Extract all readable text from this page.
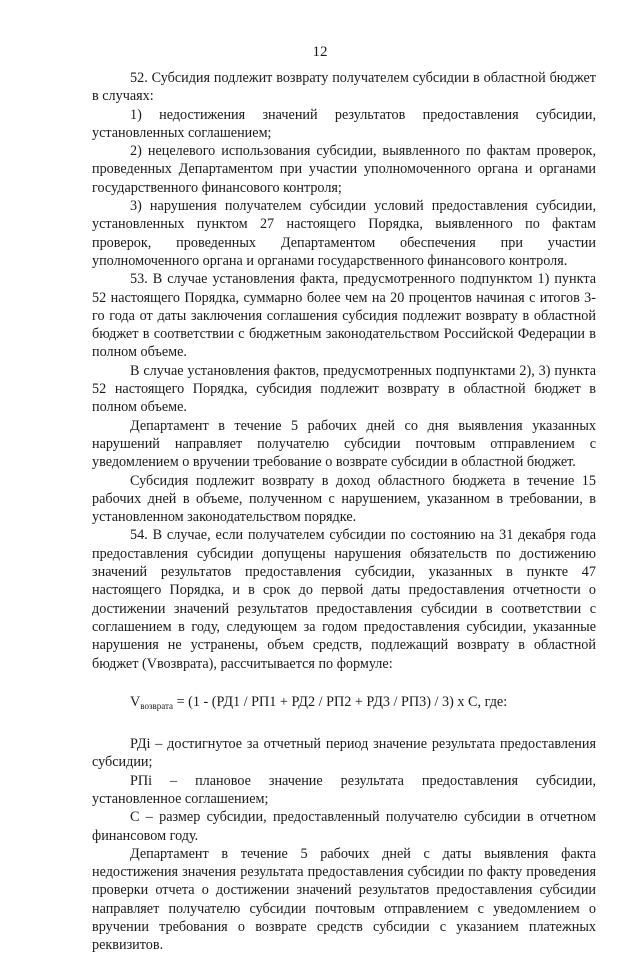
12

52. Субсидия подлежит возврату получателем субсидии в областной бюджет в случаях:

1) недостижения значений результатов предоставления субсидии, установленных соглашением;

2) нецелевого использования субсидии, выявленного по фактам проверок, проведенных Департаментом при участии уполномоченного органа и органами государственного финансового контроля;

3) нарушения получателем субсидии условий предоставления субсидии, установленных пунктом 27 настоящего Порядка, выявленного по фактам проверок, проведенных Департаментом обеспечения при участии уполномоченного органа и органами государственного финансового контроля.

53. В случае установления факта, предусмотренного подпунктом 1) пункта 52 настоящего Порядка, суммарно более чем на 20 процентов начиная с итогов 3-го года от даты заключения соглашения субсидия подлежит возврату в областной бюджет в соответствии с бюджетным законодательством Российской Федерации в полном объеме.

В случае установления фактов, предусмотренных подпунктами 2), 3) пункта 52 настоящего Порядка, субсидия подлежит возврату в областной бюджет в полном объеме.

Департамент в течение 5 рабочих дней со дня выявления указанных нарушений направляет получателю субсидии почтовым отправлением с уведомлением о вручении требование о возврате субсидии в областной бюджет.

Субсидия подлежит возврату в доход областного бюджета в течение 15 рабочих дней в объеме, полученном с нарушением, указанном в требовании, в установленном законодательством порядке.

54. В случае, если получателем субсидии по состоянию на 31 декабря года предоставления субсидии допущены нарушения обязательств по достижению значений результатов предоставления субсидии, указанных в пункте 47 настоящего Порядка, и в срок до первой даты предоставления отчетности о достижении значений результатов предоставления субсидии в соответствии с соглашением в году, следующем за годом предоставления субсидии, указанные нарушения не устранены, объем средств, подлежащий возврату в областной бюджет (Vвозврата), рассчитывается по формуле:

$V_{возврата} = (1 - (РД1 / РП1 + РД2 / РП2 + РД3 / РП3) / 3)$ x С, где:

РДi – достигнутое за отчетный период значение результата предоставления субсидии;

РПi – плановое значение результата предоставления субсидии, установленное соглашением;

С – размер субсидии, предоставленный получателю субсидии в отчетном финансовом году.

Департамент в течение 5 рабочих дней с даты выявления факта недостижения значения результата предоставления субсидии по факту проведения проверки отчета о достижении значений результатов предоставления субсидии направляет получателю субсидии почтовым отправлением с уведомлением о вручении требования о возврате средств субсидии с указанием платежных реквизитов.
